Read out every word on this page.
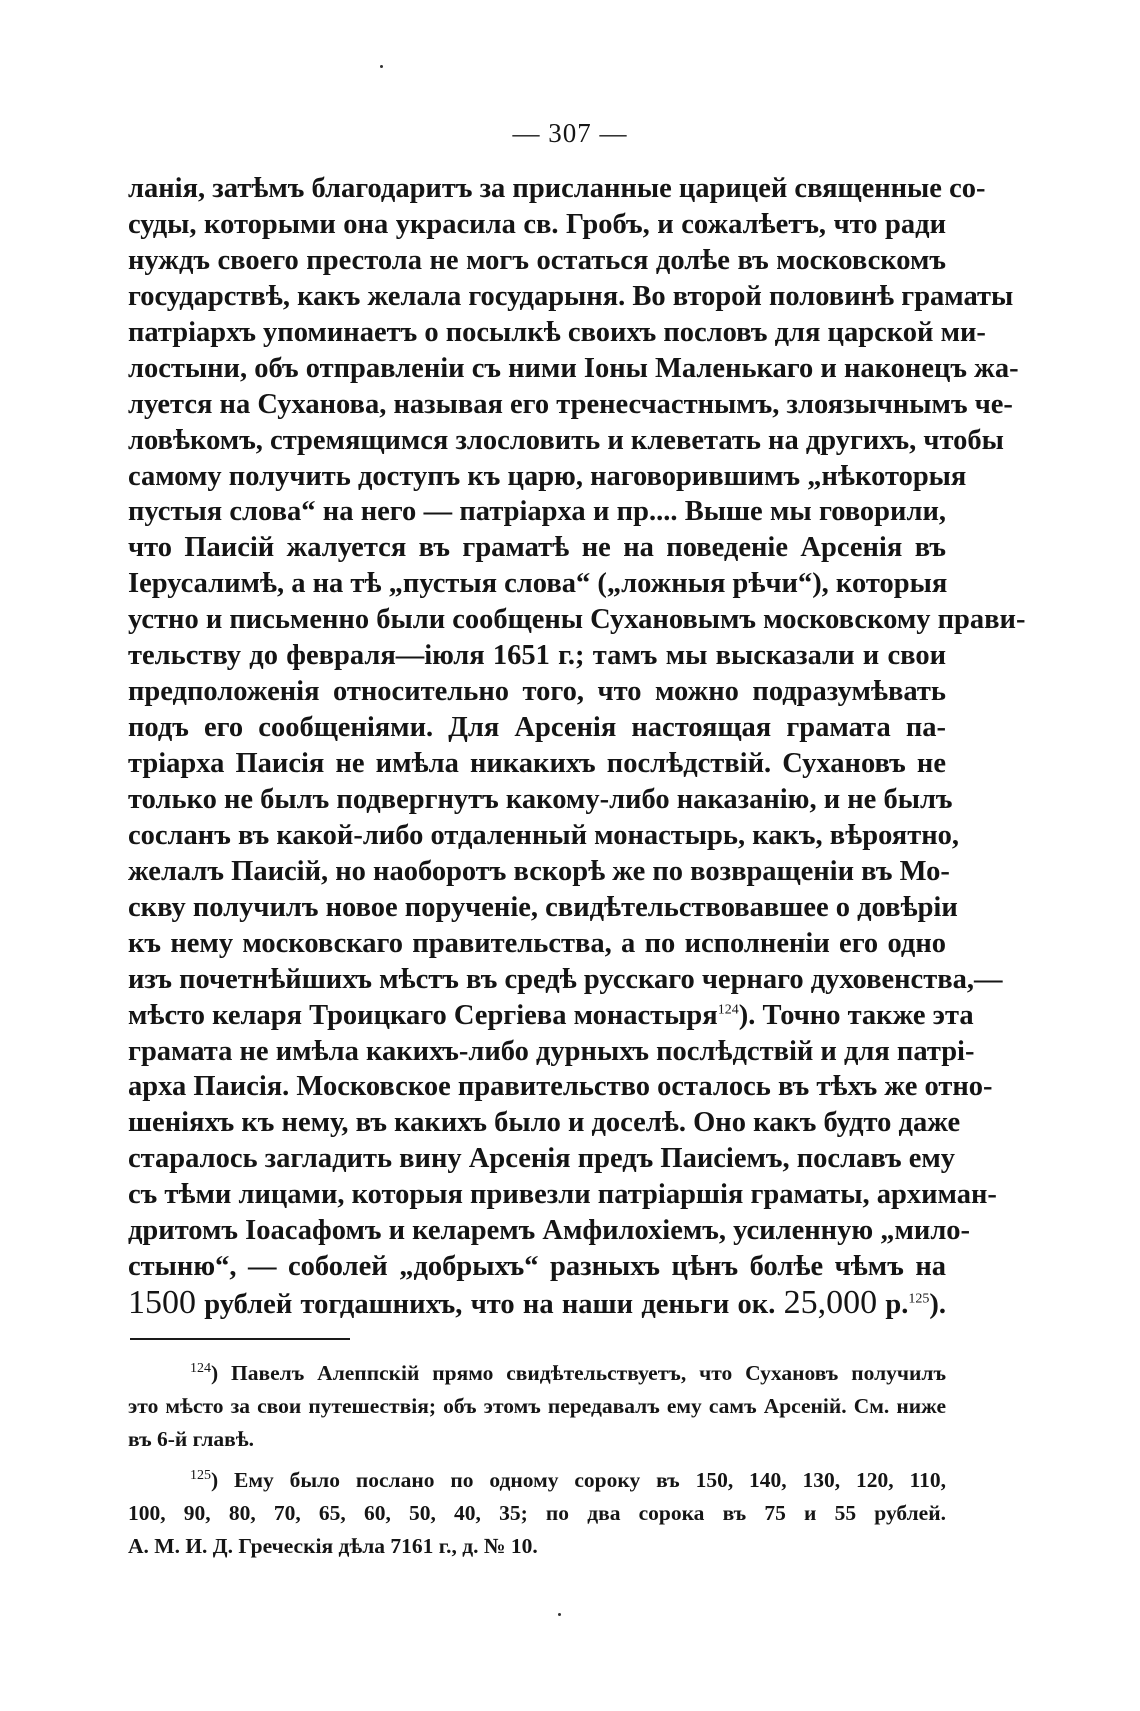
— 307 —
ланія, затѣмъ благодаритъ за присланные царицей священные со-
суды, которыми она украсила св. Гробъ, и сожалѣетъ, что ради
нуждъ своего престола не могъ остаться долѣе въ московскомъ
государствѣ, какъ желала государыня. Во второй половинѣ граматы
патріархъ упоминаетъ о посылкѣ своихъ пословъ для царской ми-
лостыни, объ отправленіи съ ними Іоны Маленькаго и наконецъ жа-
луется на Суханова, называя его тренесчастнымъ, злоязычнымъ че-
ловѣкомъ, стремящимся злословить и клеветать на другихъ, чтобы
самому получить доступъ къ царю, наговорившимъ „нѣкоторыя
пустыя слова“ на него — патріарха и пр.... Выше мы говорили,
что Паисій жалуется въ граматѣ не на поведеніе Арсенія въ
Іерусалимѣ, а на тѣ „пустыя слова“ („ложныя рѣчи“), которыя
устно и письменно были сообщены Сухановымъ московскому прави-
тельству до февраля—іюля 1651 г.; тамъ мы высказали и свои
предположенія относительно того, что можно подразумѣвать
подъ его сообщеніями. Для Арсенія настоящая грамата па-
тріарха Паисія не имѣла никакихъ послѣдствій. Сухановъ не
только не былъ подвергнутъ какому-либо наказанію, и не былъ
сосланъ въ какой-либо отдаленный монастырь, какъ, вѣроятно,
желалъ Паисій, но наоборотъ вскорѣ же по возвращеніи въ Мо-
скву получилъ новое порученіе, свидѣтельствовавшее о довѣріи
къ нему московскаго правительства, а по исполненіи его одно
изъ почетнѣйшихъ мѣстъ въ средѣ русскаго чернаго духовенства,—
мѣсто келаря Троицкаго Сергіева монастыря$^{124}$). Точно также эта
грамата не имѣла какихъ-либо дурныхъ послѣдствій и для патрі-
арха Паисія. Московское правительство осталось въ тѣхъ же отно-
шеніяхъ къ нему, въ какихъ было и доселѣ. Оно какъ будто даже
старалось загладить вину Арсенія предъ Паисіемъ, пославъ ему
съ тѣми лицами, которыя привезли патріаршія граматы, архиман-
дритомъ Іоасафомъ и келаремъ Амфилохіемъ, усиленную „мило-
стыню“, — соболей „добрыхъ“ разныхъ цѣнъ болѣе чѣмъ на
1500 рублей тогдашнихъ, что на наши деньги ок. 25,000 р.$^{125}$).
$^{124}$) Павелъ Алеппскій прямо свидѣтельствуетъ, что Сухановъ получилъ
это мѣсто за свои путешествія; объ этомъ передавалъ ему самъ Арсеній. См. ниже
въ 6-й главѣ.
$^{125}$) Ему было послано по одному сороку въ 150, 140, 130, 120, 110,
100, 90, 80, 70, 65, 60, 50, 40, 35; по два сорока въ 75 и 55 рублей.
А. М. И. Д. Греческія дѣла 7161 г., д. № 10.
